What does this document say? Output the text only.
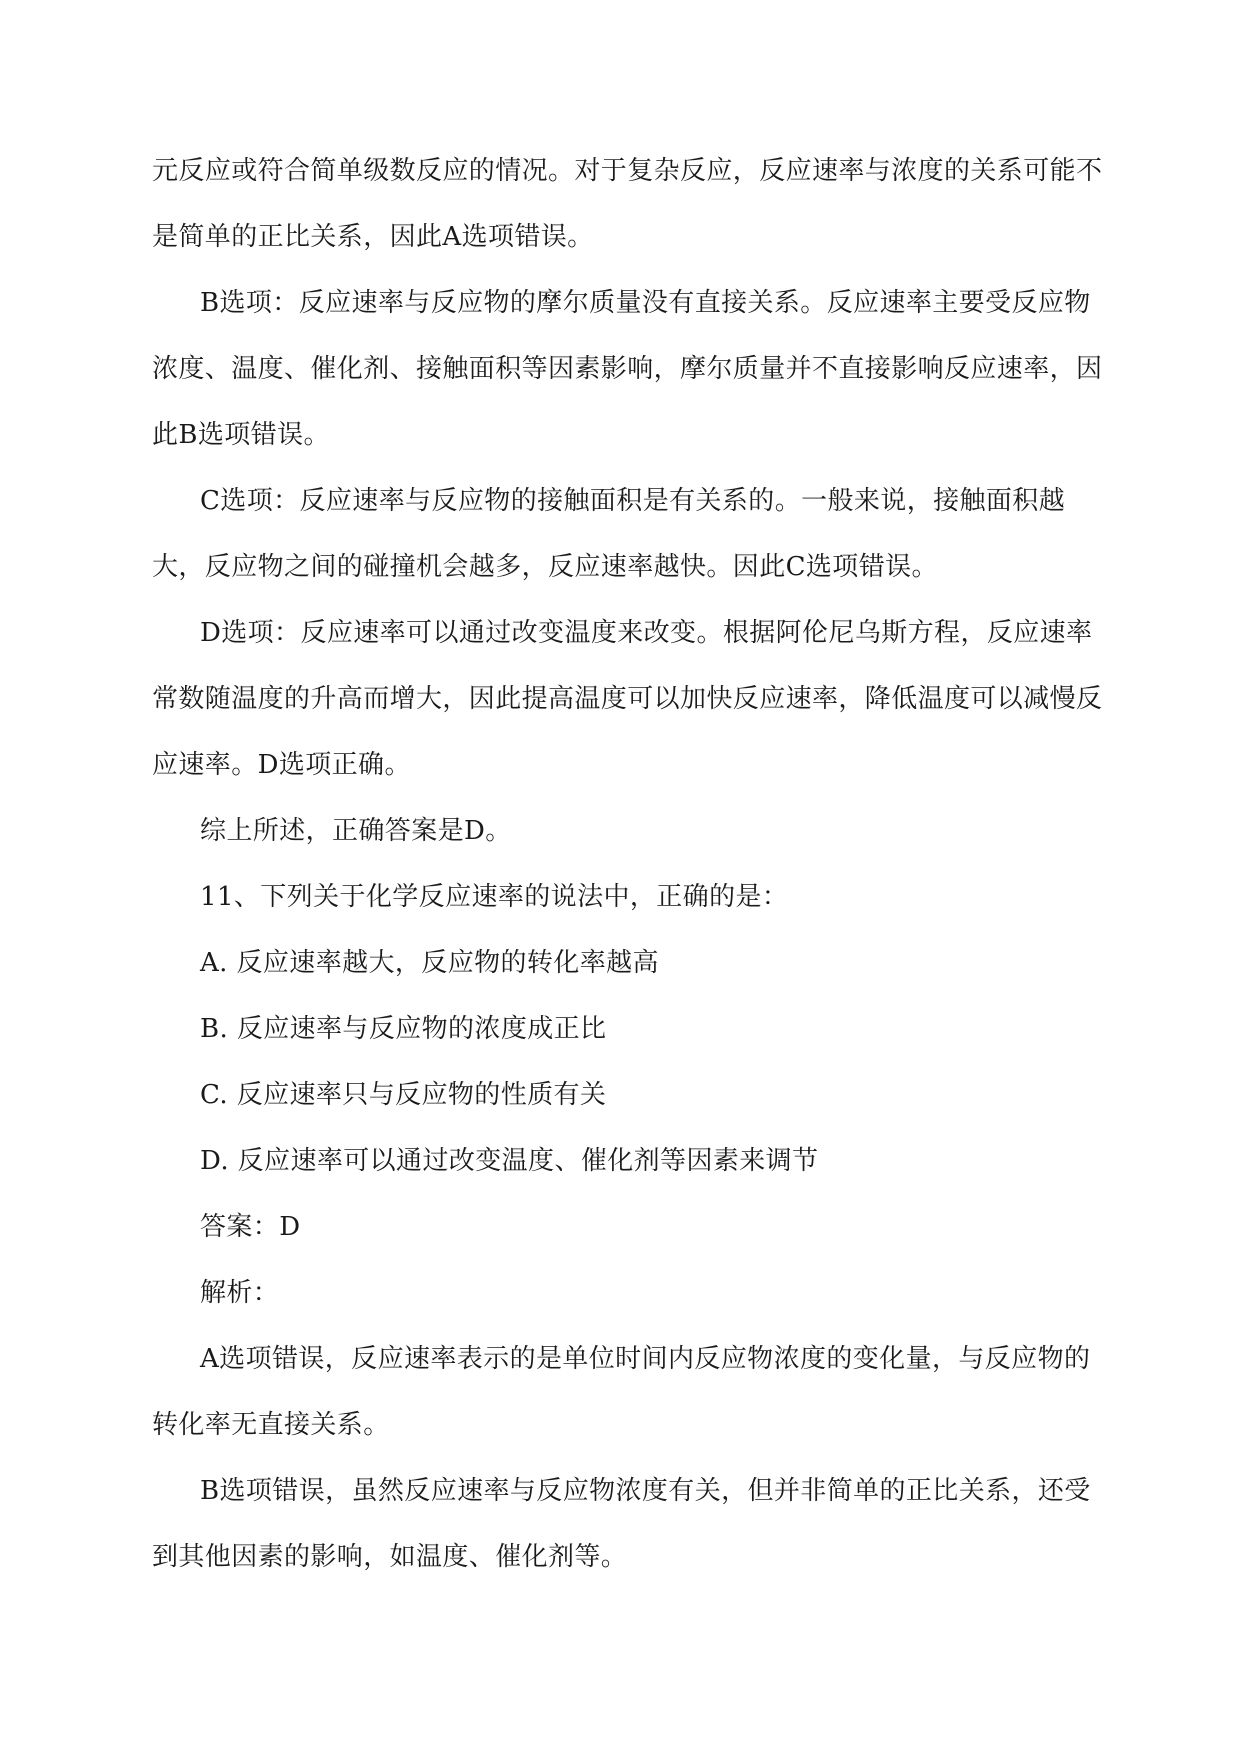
元反应或符合简单级数反应的情况。对于复杂反应，反应速率与浓度的关系可能不是简单的正比关系，因此A选项错误。

B选项：反应速率与反应物的摩尔质量没有直接关系。反应速率主要受反应物浓度、温度、催化剂、接触面积等因素影响，摩尔质量并不直接影响反应速率，因此B选项错误。

C选项：反应速率与反应物的接触面积是有关系的。一般来说，接触面积越大，反应物之间的碰撞机会越多，反应速率越快。因此C选项错误。

D选项：反应速率可以通过改变温度来改变。根据阿伦尼乌斯方程，反应速率常数随温度的升高而增大，因此提高温度可以加快反应速率，降低温度可以减慢反应速率。D选项正确。

综上所述，正确答案是D。

11、下列关于化学反应速率的说法中，正确的是：

A. 反应速率越大，反应物的转化率越高

B. 反应速率与反应物的浓度成正比

C. 反应速率只与反应物的性质有关

D. 反应速率可以通过改变温度、催化剂等因素来调节

答案：D

解析：

A选项错误，反应速率表示的是单位时间内反应物浓度的变化量，与反应物的转化率无直接关系。

B选项错误，虽然反应速率与反应物浓度有关，但并非简单的正比关系，还受到其他因素的影响，如温度、催化剂等。
